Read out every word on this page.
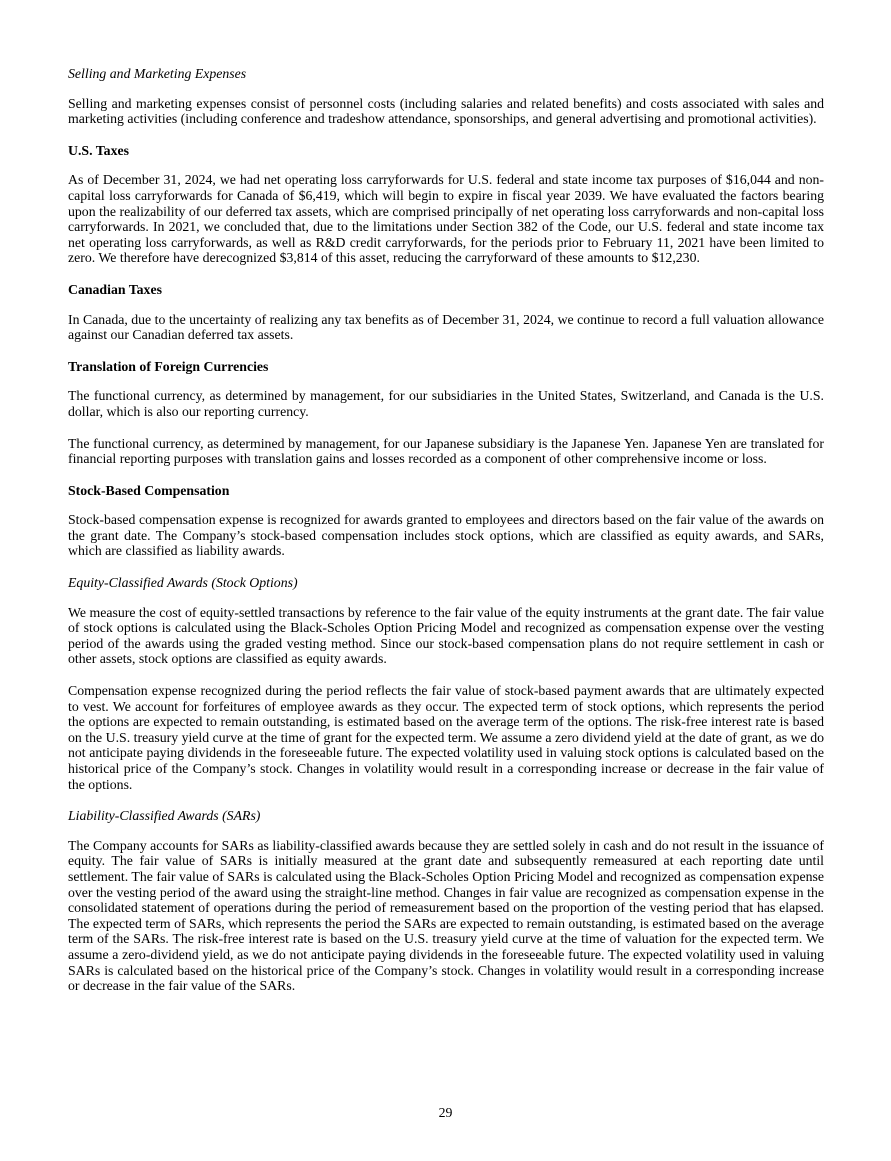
Selling and Marketing Expenses

Selling and marketing expenses consist of personnel costs (including salaries and related benefits) and costs associated with sales and marketing activities (including conference and tradeshow attendance, sponsorships, and general advertising and promotional activities).

U.S. Taxes

As of December 31, 2024, we had net operating loss carryforwards for U.S. federal and state income tax purposes of $16,044 and non-capital loss carryforwards for Canada of $6,419, which will begin to expire in fiscal year 2039. We have evaluated the factors bearing upon the realizability of our deferred tax assets, which are comprised principally of net operating loss carryforwards and non-capital loss carryforwards. In 2021, we concluded that, due to the limitations under Section 382 of the Code, our U.S. federal and state income tax net operating loss carryforwards, as well as R&D credit carryforwards, for the periods prior to February 11, 2021 have been limited to zero. We therefore have derecognized $3,814 of this asset, reducing the carryforward of these amounts to $12,230.

Canadian Taxes

In Canada, due to the uncertainty of realizing any tax benefits as of December 31, 2024, we continue to record a full valuation allowance against our Canadian deferred tax assets.

Translation of Foreign Currencies

The functional currency, as determined by management, for our subsidiaries in the United States, Switzerland, and Canada is the U.S. dollar, which is also our reporting currency.

The functional currency, as determined by management, for our Japanese subsidiary is the Japanese Yen. Japanese Yen are translated for financial reporting purposes with translation gains and losses recorded as a component of other comprehensive income or loss.

Stock-Based Compensation

Stock-based compensation expense is recognized for awards granted to employees and directors based on the fair value of the awards on the grant date. The Company’s stock-based compensation includes stock options, which are classified as equity awards, and SARs, which are classified as liability awards.

Equity-Classified Awards (Stock Options)

We measure the cost of equity-settled transactions by reference to the fair value of the equity instruments at the grant date. The fair value of stock options is calculated using the Black-Scholes Option Pricing Model and recognized as compensation expense over the vesting period of the awards using the graded vesting method. Since our stock-based compensation plans do not require settlement in cash or other assets, stock options are classified as equity awards.

Compensation expense recognized during the period reflects the fair value of stock-based payment awards that are ultimately expected to vest. We account for forfeitures of employee awards as they occur. The expected term of stock options, which represents the period the options are expected to remain outstanding, is estimated based on the average term of the options. The risk-free interest rate is based on the U.S. treasury yield curve at the time of grant for the expected term. We assume a zero dividend yield at the date of grant, as we do not anticipate paying dividends in the foreseeable future. The expected volatility used in valuing stock options is calculated based on the historical price of the Company’s stock. Changes in volatility would result in a corresponding increase or decrease in the fair value of the options.

Liability-Classified Awards (SARs)

The Company accounts for SARs as liability-classified awards because they are settled solely in cash and do not result in the issuance of equity. The fair value of SARs is initially measured at the grant date and subsequently remeasured at each reporting date until settlement. The fair value of SARs is calculated using the Black-Scholes Option Pricing Model and recognized as compensation expense over the vesting period of the award using the straight-line method. Changes in fair value are recognized as compensation expense in the consolidated statement of operations during the period of remeasurement based on the proportion of the vesting period that has elapsed. The expected term of SARs, which represents the period the SARs are expected to remain outstanding, is estimated based on the average term of the SARs. The risk-free interest rate is based on the U.S. treasury yield curve at the time of valuation for the expected term. We assume a zero-dividend yield, as we do not anticipate paying dividends in the foreseeable future. The expected volatility used in valuing SARs is calculated based on the historical price of the Company’s stock. Changes in volatility would result in a corresponding increase or decrease in the fair value of the SARs.

29
